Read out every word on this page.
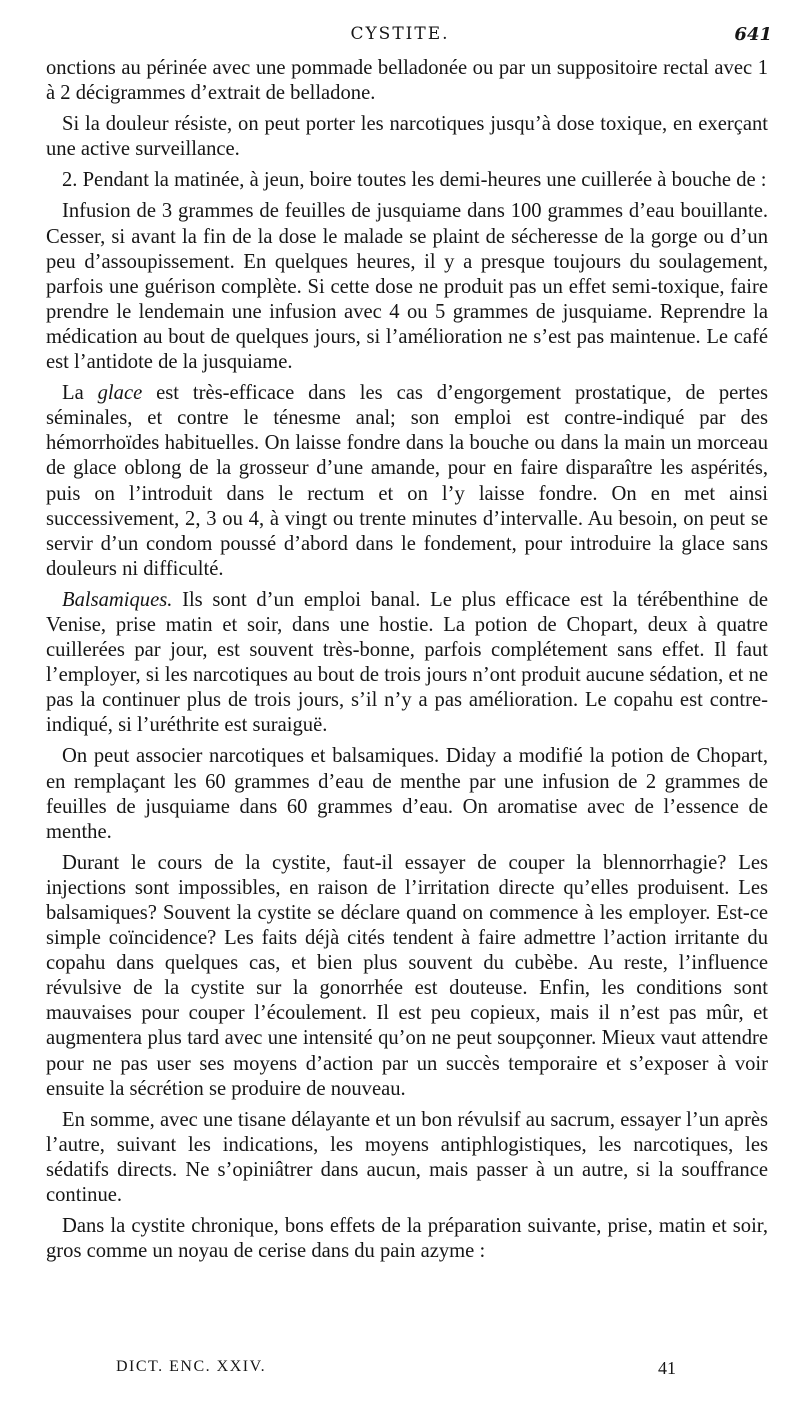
CYSTITE.	641

onctions au périnée avec une pommade belladonée ou par un suppositoire rectal avec 1 à 2 décigrammes d’extrait de belladone.

Si la douleur résiste, on peut porter les narcotiques jusqu’à dose toxique, en exerçant une active surveillance.

2. Pendant la matinée, à jeun, boire toutes les demi-heures une cuillerée à bouche de :

Infusion de 3 grammes de feuilles de jusquiame dans 100 grammes d’eau bouillante. Cesser, si avant la fin de la dose le malade se plaint de sécheresse de la gorge ou d’un peu d’assoupissement. En quelques heures, il y a presque toujours du soulagement, parfois une guérison complète. Si cette dose ne produit pas un effet semi-toxique, faire prendre le lendemain une infusion avec 4 ou 5 grammes de jusquiame. Reprendre la médication au bout de quelques jours, si l’amélioration ne s’est pas maintenue. Le café est l’antidote de la jusquiame.

La glace est très-efficace dans les cas d’engorgement prostatique, de pertes séminales, et contre le ténesme anal; son emploi est contre-indiqué par des hémorrhoïdes habituelles. On laisse fondre dans la bouche ou dans la main un morceau de glace oblong de la grosseur d’une amande, pour en faire disparaître les aspérités, puis on l’introduit dans le rectum et on l’y laisse fondre. On en met ainsi successivement, 2, 3 ou 4, à vingt ou trente minutes d’intervalle. Au besoin, on peut se servir d’un condom poussé d’abord dans le fondement, pour introduire la glace sans douleurs ni difficulté.

Balsamiques. Ils sont d’un emploi banal. Le plus efficace est la térébenthine de Venise, prise matin et soir, dans une hostie. La potion de Chopart, deux à quatre cuillerées par jour, est souvent très-bonne, parfois complétement sans effet. Il faut l’employer, si les narcotiques au bout de trois jours n’ont produit aucune sédation, et ne pas la continuer plus de trois jours, s’il n’y a pas amélioration. Le copahu est contre-indiqué, si l’uréthrite est suraiguë.

On peut associer narcotiques et balsamiques. Diday a modifié la potion de Chopart, en remplaçant les 60 grammes d’eau de menthe par une infusion de 2 grammes de feuilles de jusquiame dans 60 grammes d’eau. On aromatise avec de l’essence de menthe.

Durant le cours de la cystite, faut-il essayer de couper la blennorrhagie? Les injections sont impossibles, en raison de l’irritation directe qu’elles produisent. Les balsamiques? Souvent la cystite se déclare quand on commence à les employer. Est-ce simple coïncidence? Les faits déjà cités tendent à faire admettre l’action irritante du copahu dans quelques cas, et bien plus souvent du cubèbe. Au reste, l’influence révulsive de la cystite sur la gonorrhée est douteuse. Enfin, les conditions sont mauvaises pour couper l’écoulement. Il est peu copieux, mais il n’est pas mûr, et augmentera plus tard avec une intensité qu’on ne peut soupçonner. Mieux vaut attendre pour ne pas user ses moyens d’action par un succès temporaire et s’exposer à voir ensuite la sécrétion se produire de nouveau.

En somme, avec une tisane délayante et un bon révulsif au sacrum, essayer l’un après l’autre, suivant les indications, les moyens antiphlogistiques, les narcotiques, les sédatifs directs. Ne s’opiniâtrer dans aucun, mais passer à un autre, si la souffrance continue.

Dans la cystite chronique, bons effets de la préparation suivante, prise, matin et soir, gros comme un noyau de cerise dans du pain azyme :

DICT. ENC. XXIV.	41
